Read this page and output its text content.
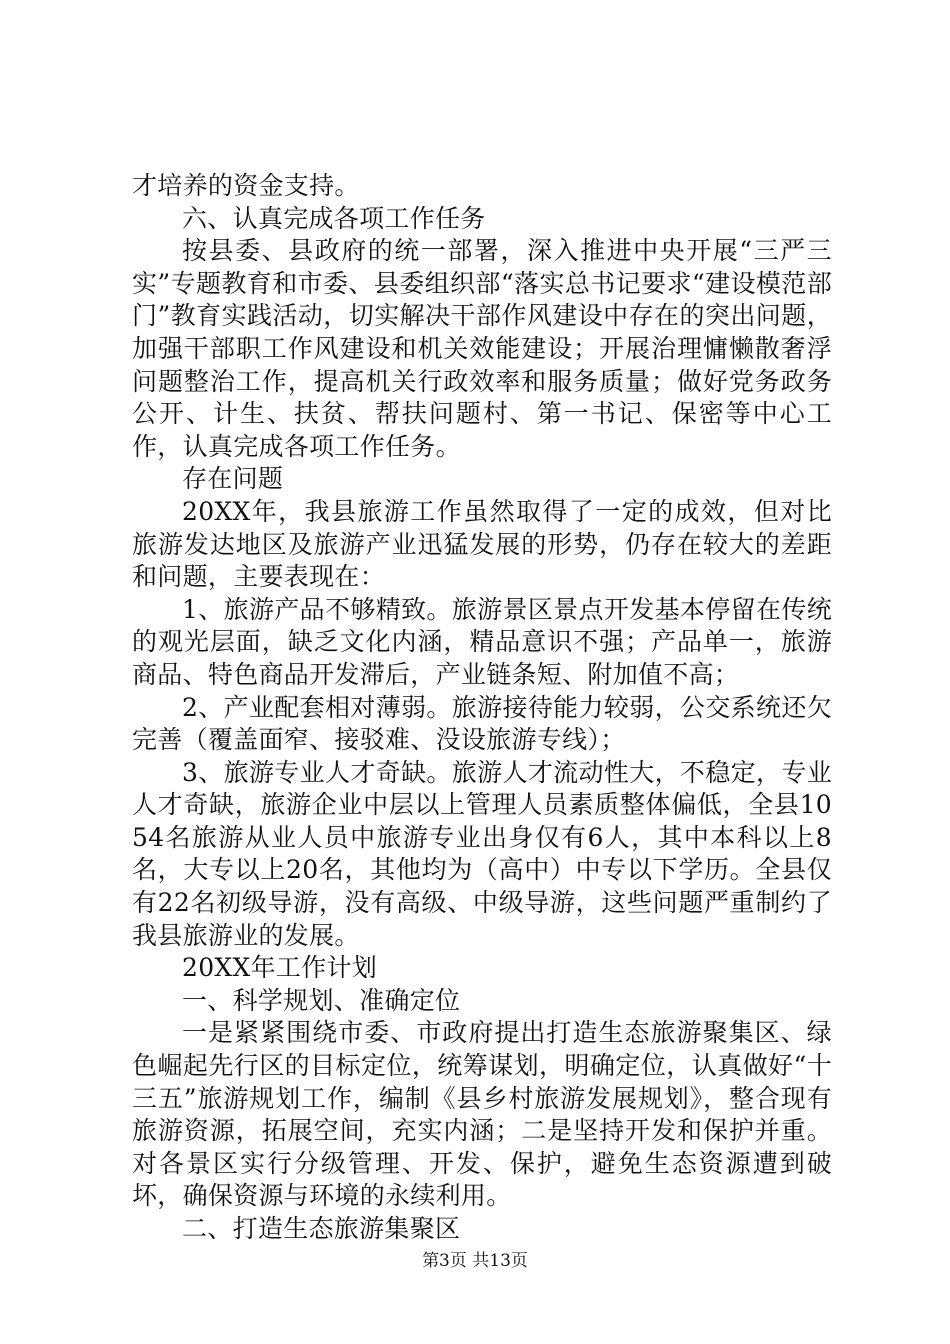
才培养的资金支持。

六、认真完成各项工作任务

按县委、县政府的统一部署，深入推进中央开展“三严三实”专题教育和市委、县委组织部“落实总书记要求“建设模范部门”教育实践活动，切实解决干部作风建设中存在的突出问题，加强干部职工作风建设和机关效能建设；开展治理慵懒散奢浮问题整治工作，提高机关行政效率和服务质量；做好党务政务公开、计生、扶贫、帮扶问题村、第一书记、保密等中心工作，认真完成各项工作任务。

存在问题

20XX年，我县旅游工作虽然取得了一定的成效，但对比旅游发达地区及旅游产业迅猛发展的形势，仍存在较大的差距和问题，主要表现在：

1、旅游产品不够精致。旅游景区景点开发基本停留在传统的观光层面，缺乏文化内涵，精品意识不强；产品单一，旅游商品、特色商品开发滞后，产业链条短、附加值不高；

2、产业配套相对薄弱。旅游接待能力较弱，公交系统还欠完善（覆盖面窄、接驳难、没设旅游专线）；

3、旅游专业人才奇缺。旅游人才流动性大，不稳定，专业人才奇缺，旅游企业中层以上管理人员素质整体偏低，全县1054名旅游从业人员中旅游专业出身仅有6人，其中本科以上8名，大专以上20名，其他均为（高中）中专以下学历。全县仅有22名初级导游，没有高级、中级导游，这些问题严重制约了我县旅游业的发展。

20XX年工作计划

一、科学规划、准确定位

一是紧紧围绕市委、市政府提出打造生态旅游聚集区、绿色崛起先行区的目标定位，统筹谋划，明确定位，认真做好“十三五”旅游规划工作，编制《县乡村旅游发展规划》，整合现有旅游资源，拓展空间，充实内涵；二是坚持开发和保护并重。对各景区实行分级管理、开发、保护，避免生态资源遭到破坏，确保资源与环境的永续利用。

二、打造生态旅游集聚区

第3页 共13页
